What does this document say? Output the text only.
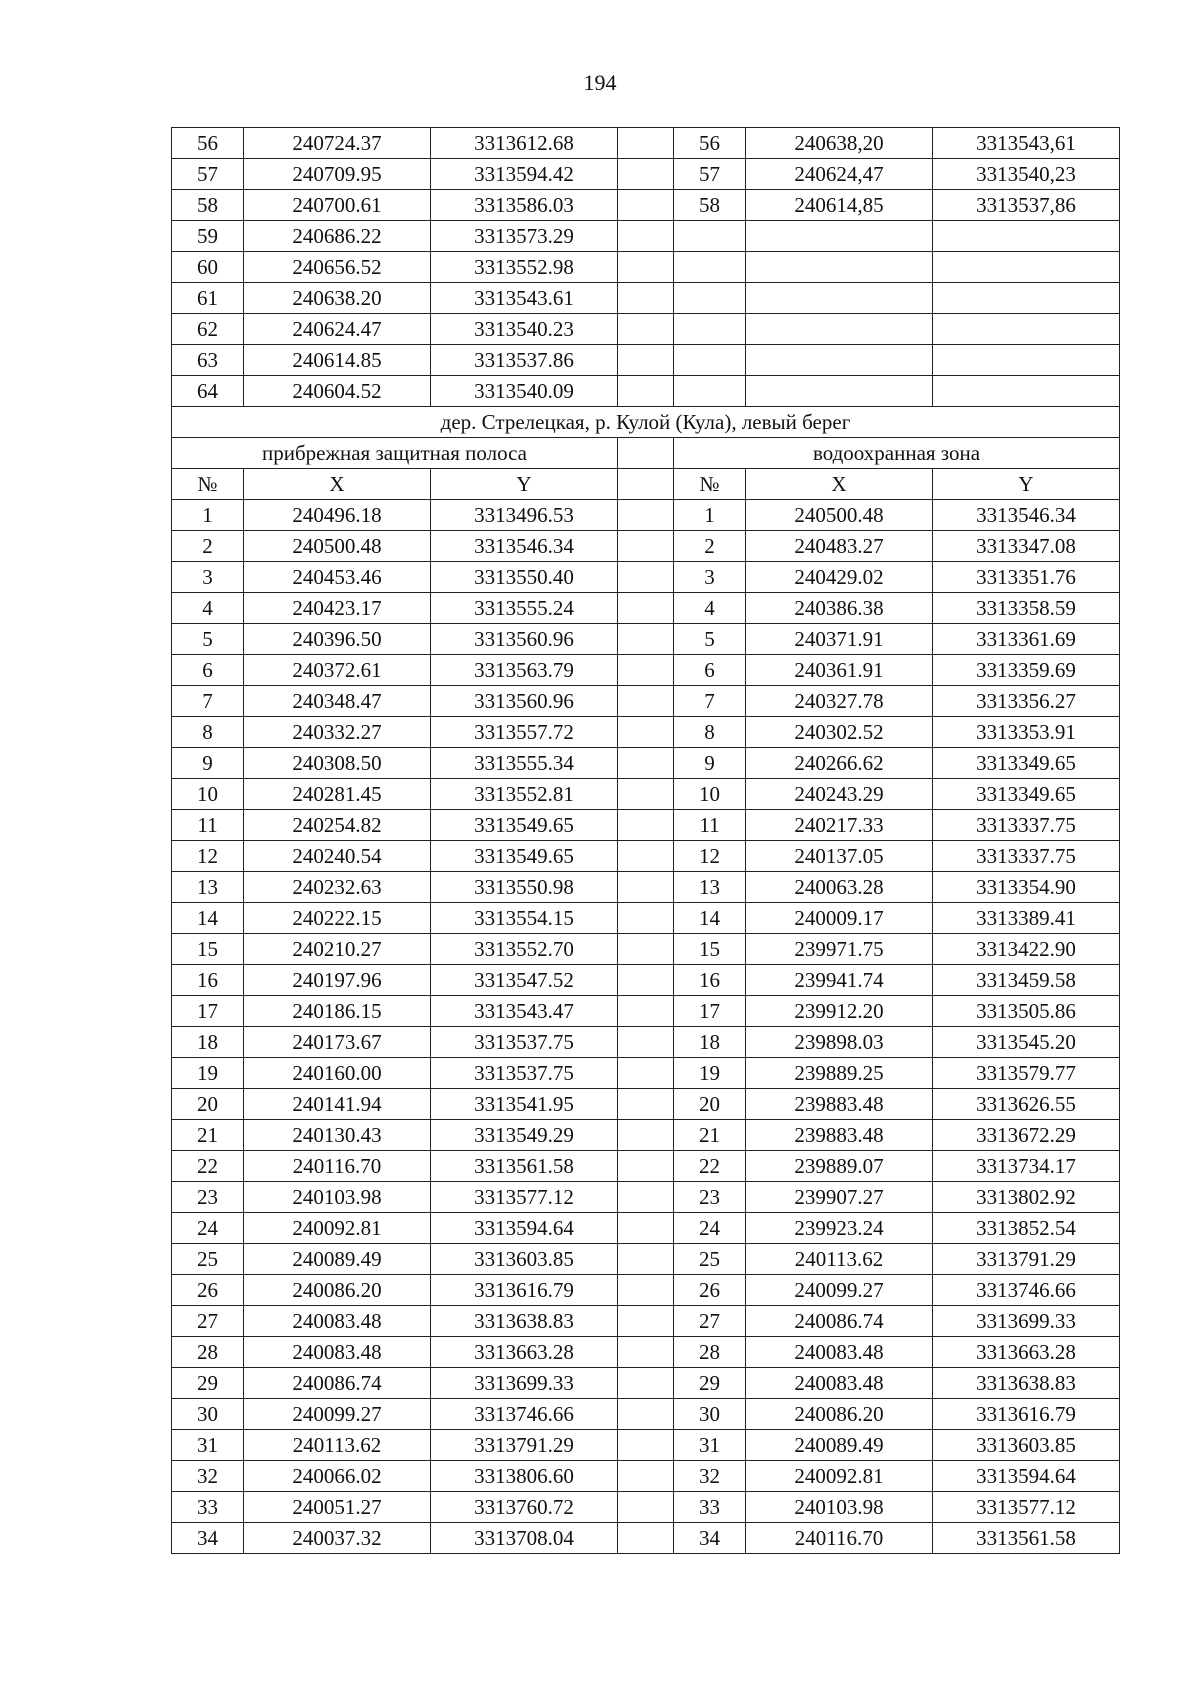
194
56	240724.37	3313612.68		56	240638,20	3313543,61
57	240709.95	3313594.42		57	240624,47	3313540,23
58	240700.61	3313586.03		58	240614,85	3313537,86
59	240686.22	3313573.29				
60	240656.52	3313552.98				
61	240638.20	3313543.61				
62	240624.47	3313540.23				
63	240614.85	3313537.86				
64	240604.52	3313540.09				
дер. Стрелецкая, р. Кулой (Кула), левый берег						
прибрежная защитная полоса				водоохранная зона		
№	X	Y		№	X	Y
1	240496.18	3313496.53		1	240500.48	3313546.34
2	240500.48	3313546.34		2	240483.27	3313347.08
3	240453.46	3313550.40		3	240429.02	3313351.76
4	240423.17	3313555.24		4	240386.38	3313358.59
5	240396.50	3313560.96		5	240371.91	3313361.69
6	240372.61	3313563.79		6	240361.91	3313359.69
7	240348.47	3313560.96		7	240327.78	3313356.27
8	240332.27	3313557.72		8	240302.52	3313353.91
9	240308.50	3313555.34		9	240266.62	3313349.65
10	240281.45	3313552.81		10	240243.29	3313349.65
11	240254.82	3313549.65		11	240217.33	3313337.75
12	240240.54	3313549.65		12	240137.05	3313337.75
13	240232.63	3313550.98		13	240063.28	3313354.90
14	240222.15	3313554.15		14	240009.17	3313389.41
15	240210.27	3313552.70		15	239971.75	3313422.90
16	240197.96	3313547.52		16	239941.74	3313459.58
17	240186.15	3313543.47		17	239912.20	3313505.86
18	240173.67	3313537.75		18	239898.03	3313545.20
19	240160.00	3313537.75		19	239889.25	3313579.77
20	240141.94	3313541.95		20	239883.48	3313626.55
21	240130.43	3313549.29		21	239883.48	3313672.29
22	240116.70	3313561.58		22	239889.07	3313734.17
23	240103.98	3313577.12		23	239907.27	3313802.92
24	240092.81	3313594.64		24	239923.24	3313852.54
25	240089.49	3313603.85		25	240113.62	3313791.29
26	240086.20	3313616.79		26	240099.27	3313746.66
27	240083.48	3313638.83		27	240086.74	3313699.33
28	240083.48	3313663.28		28	240083.48	3313663.28
29	240086.74	3313699.33		29	240083.48	3313638.83
30	240099.27	3313746.66		30	240086.20	3313616.79
31	240113.62	3313791.29		31	240089.49	3313603.85
32	240066.02	3313806.60		32	240092.81	3313594.64
33	240051.27	3313760.72		33	240103.98	3313577.12
34	240037.32	3313708.04		34	240116.70	3313561.58
